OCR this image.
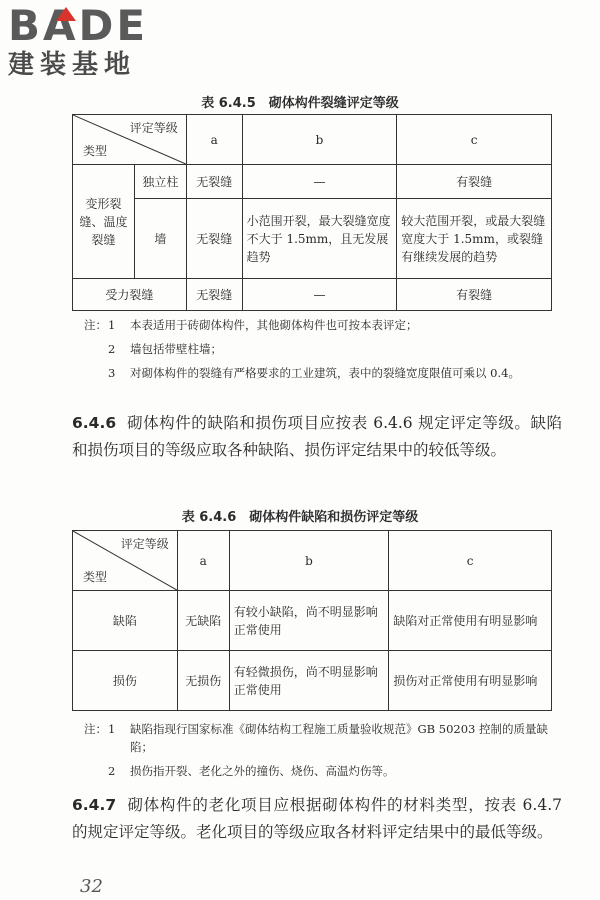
BADE
建装基地
表 6.4.5　砌体构件裂缝评定等级
评定等级
类型		a	b	c
变形裂缝、温度裂缝	独立柱	无裂缝	—	有裂缝
	墙	无裂缝	小范围开裂，最大裂缝宽度不大于 1.5mm，且无发展趋势	较大范围开裂，或最大裂缝宽度大于 1.5mm，或裂缝有继续发展的趋势
受力裂缝		无裂缝	—	有裂缝
注： 1	本表适用于砖砌体构件，其他砌体构件也可按本表评定；
2	墙包括带壁柱墙；
3	对砌体构件的裂缝有严格要求的工业建筑，表中的裂缝宽度限值可乘以 0.4。
6.4.6 砌体构件的缺陷和损伤项目应按表 6.4.6 规定评定等级。缺陷和损伤项目的等级应取各种缺陷、损伤评定结果中的较低等级。
表 6.4.6　砌体构件缺陷和损伤评定等级
评定等级
类型	a	b	c
缺陷	无缺陷	有较小缺陷，尚不明显影响正常使用	缺陷对正常使用有明显影响
损伤	无损伤	有轻微损伤，尚不明显影响正常使用	损伤对正常使用有明显影响
注： 1	缺陷指现行国家标准《砌体结构工程施工质量验收规范》GB 50203 控制的质量缺陷；
2	损伤指开裂、老化之外的撞伤、烧伤、高温灼伤等。
6.4.7 砌体构件的老化项目应根据砌体构件的材料类型，按表 6.4.7 的规定评定等级。老化项目的等级应取各材料评定结果中的最低等级。
32
